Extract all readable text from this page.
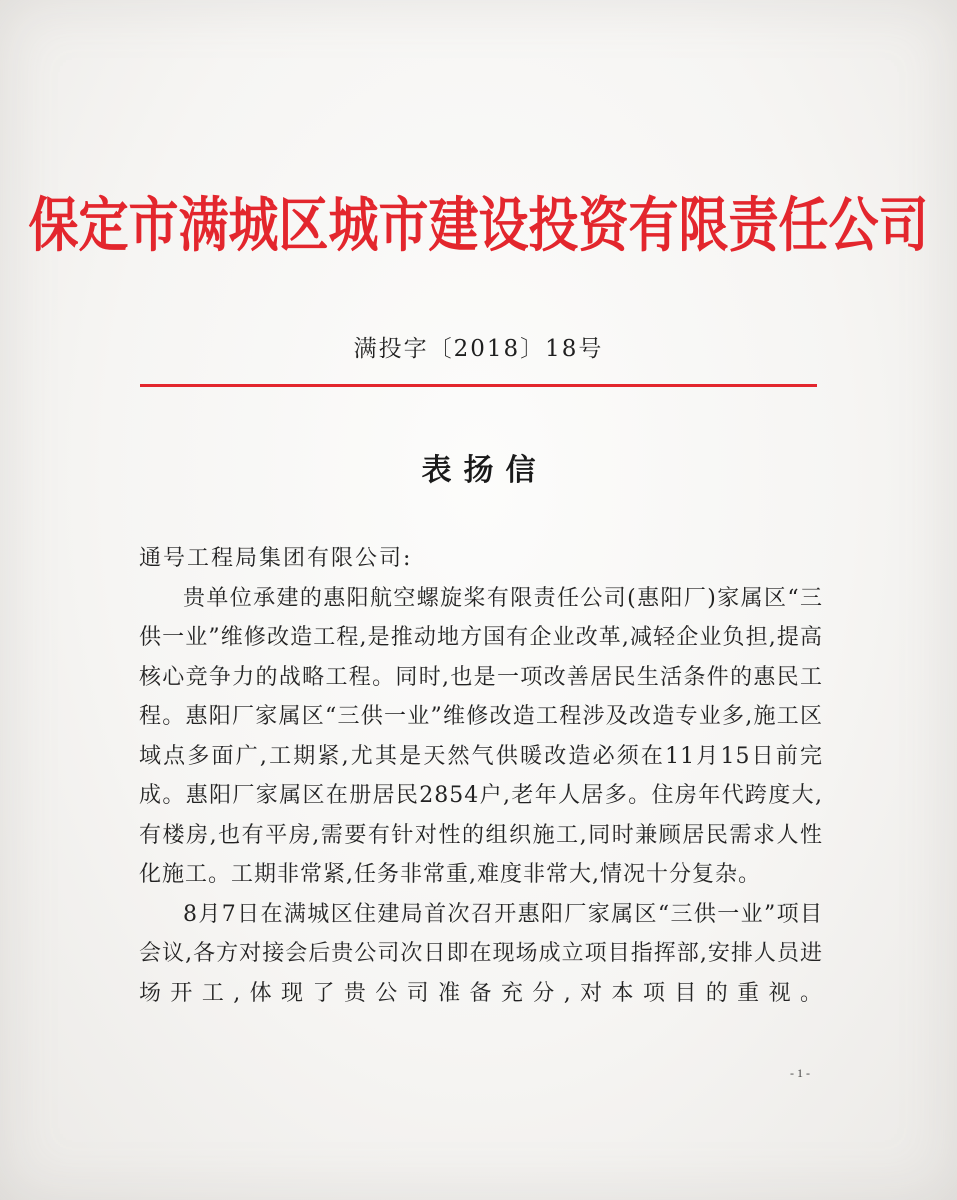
保定市满城区城市建设投资有限责任公司
满投字〔2018〕18号
表扬信

通号工程局集团有限公司:

贵单位承建的惠阳航空螺旋桨有限责任公司(惠阳厂)家属区“三供一业”维修改造工程,是推动地方国有企业改革,减轻企业负担,提高核心竞争力的战略工程。同时,也是一项改善居民生活条件的惠民工程。惠阳厂家属区“三供一业”维修改造工程涉及改造专业多,施工区域点多面广,工期紧,尤其是天然气供暖改造必须在11月15日前完成。惠阳厂家属区在册居民2854户,老年人居多。住房年代跨度大,有楼房,也有平房,需要有针对性的组织施工,同时兼顾居民需求人性化施工。工期非常紧,任务非常重,难度非常大,情况十分复杂。

8月7日在满城区住建局首次召开惠阳厂家属区“三供一业”项目会议,各方对接会后贵公司次日即在现场成立项目指挥部,安排人员进场开工,体现了贵公司准备充分,对本项目的重视。

- 1 -
